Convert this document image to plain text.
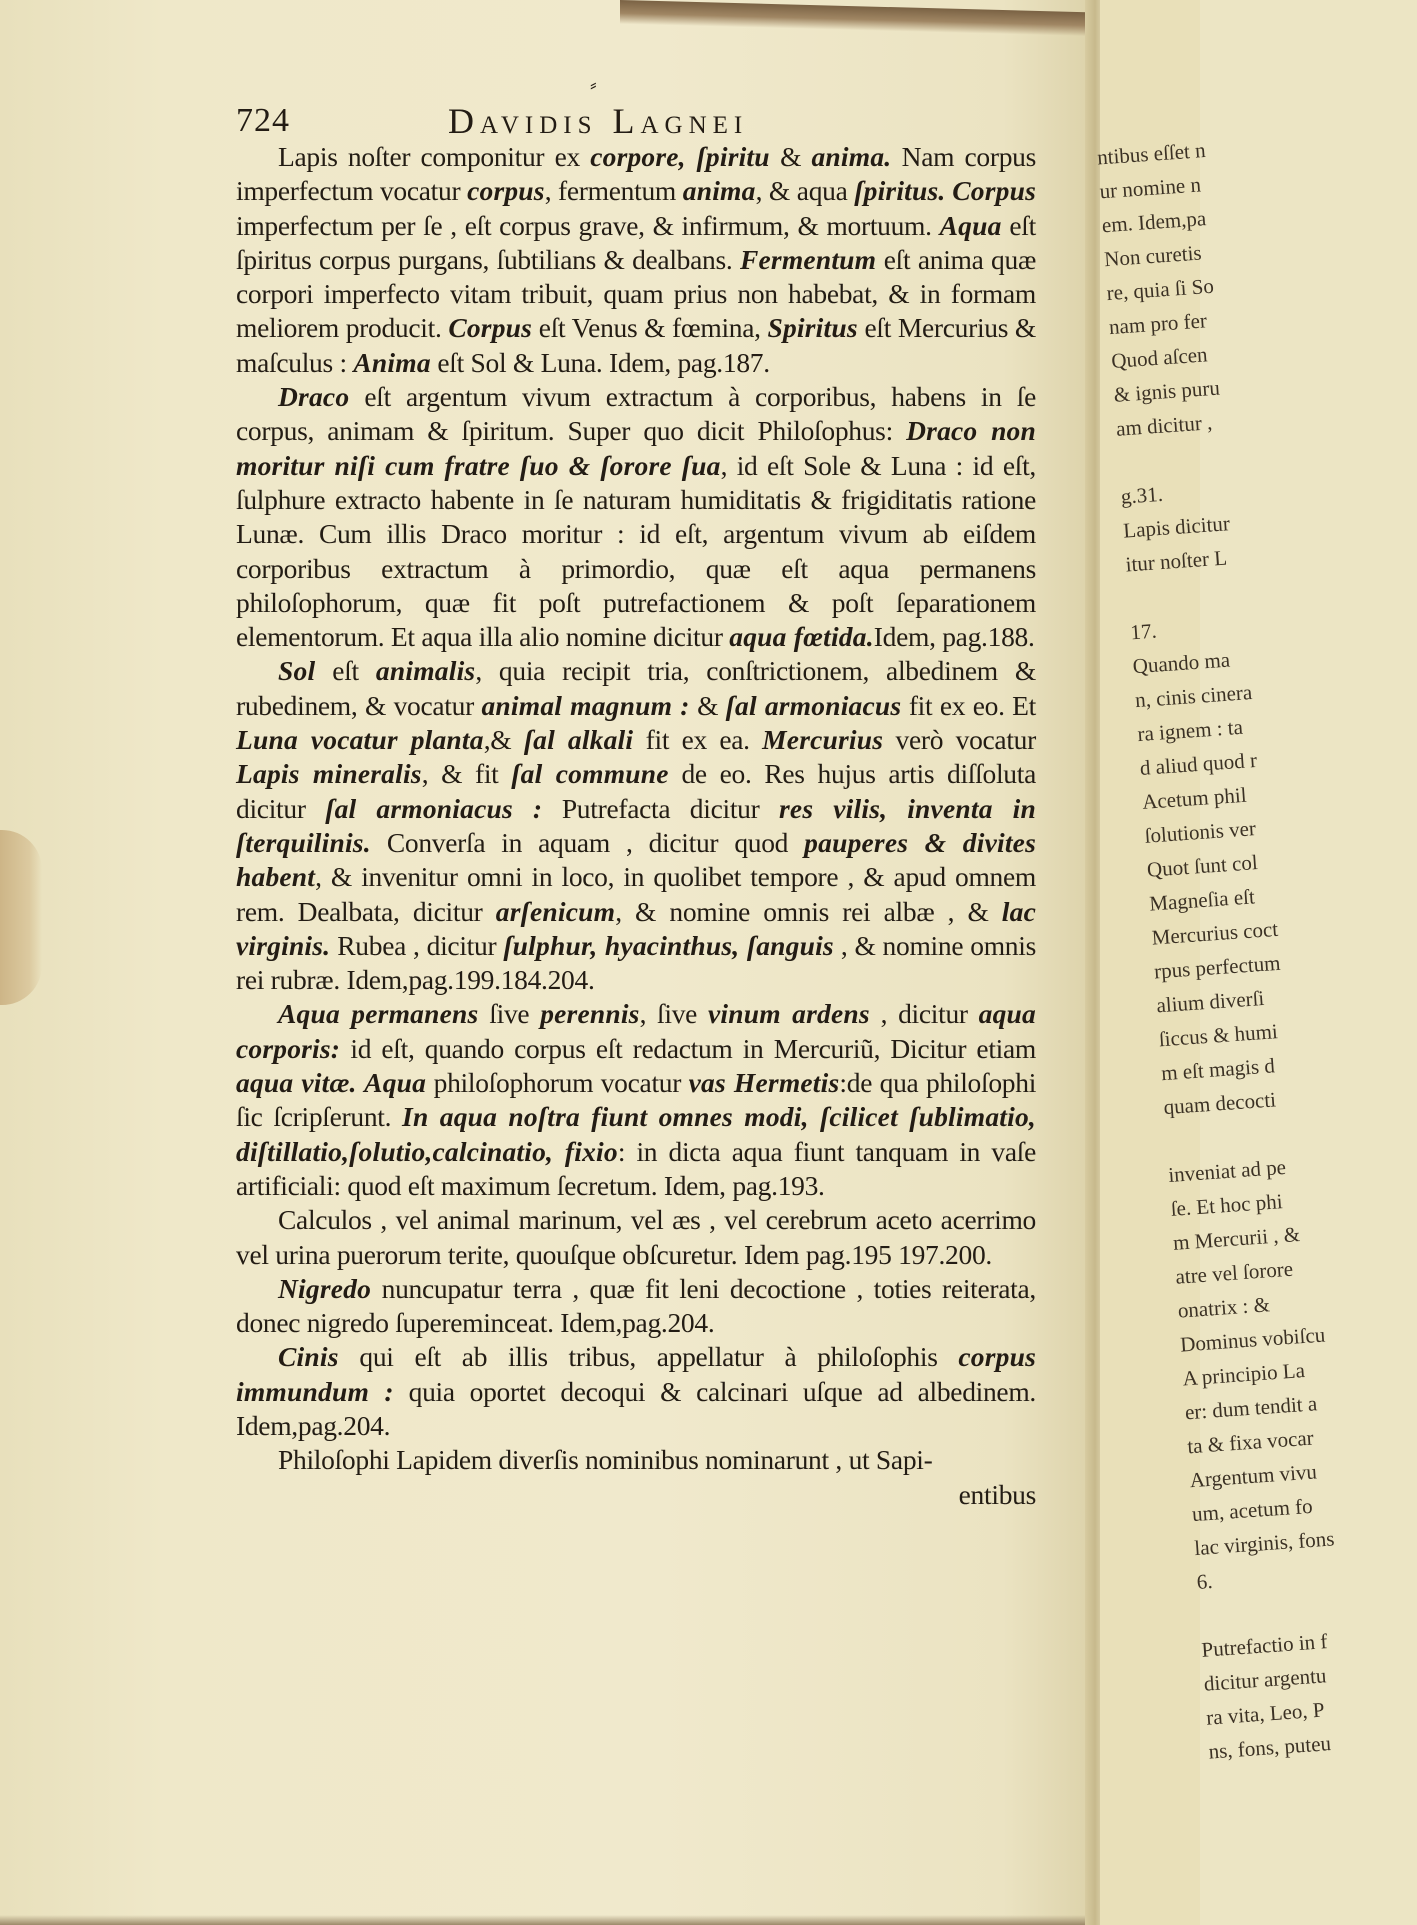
ntibus eſſet n
ur nomine n
em. Idem,pa
Non curetis
re, quia ſi So
nam pro fer
Quod aſcen
& ignis puru
am dicitur ,

g.31.
Lapis dicitur
itur noſter L

17.
Quando ma
n, cinis cinera
ra ignem : ta
d aliud quod r
Acetum phil
ſolutionis ver
Quot ſunt col
Magneſia eſt
Mercurius coct
rpus perfectum
alium diverſi
ſiccus & humi
m eſt magis d
quam decocti

inveniat ad pe
ſe. Et hoc phi
m Mercurii , &
atre vel ſorore
onatrix : &
Dominus vobiſcu
A principio La
er: dum tendit a
ta & fixa vocar
Argentum vivu
um, acetum fo
lac virginis, fons
6.

Putrefactio in f
dicitur argentu
ra vita, Leo, P
ns, fons, puteu
724	Davidis Lagnei
⸗

Lapis noſter componitur ex corpore, ſpiritu & anima. Nam corpus imperfectum vocatur corpus, fermentum anima, & aqua ſpiritus. Corpus imperfectum per ſe , eſt corpus grave, & infirmum, & mortuum. Aqua eſt ſpiritus corpus purgans, ſubtilians & dealbans. Fermentum eſt anima quæ corpori imperfecto vitam tribuit, quam prius non habebat, & in formam meliorem producit. Corpus eſt Venus & fœmina, Spiritus eſt Mercurius & maſculus : Anima eſt Sol & Luna. Idem, pag.187.

Draco eſt argentum vivum extractum à corporibus, habens in ſe corpus, animam & ſpiritum. Super quo dicit Philoſophus: Draco non moritur niſi cum fratre ſuo & ſorore ſua, id eſt Sole & Luna : id eſt, ſulphure extracto habente in ſe naturam humiditatis & frigiditatis ratione Lunæ. Cum illis Draco moritur : id eſt, argentum vivum ab eiſdem corporibus extractum à primordio, quæ eſt aqua permanens philoſophorum, quæ fit poſt putrefactionem & poſt ſeparationem elementorum. Et aqua illa alio nomine dicitur aqua fœtida.Idem, pag.188.

Sol eſt animalis, quia recipit tria, conſtrictionem, albedinem & rubedinem, & vocatur animal magnum : & ſal armoniacus fit ex eo. Et Luna vocatur planta,& ſal alkali fit ex ea. Mercurius verò vocatur Lapis mineralis, & fit ſal commune de eo. Res hujus artis diſſoluta dicitur ſal armoniacus : Putrefacta dicitur res vilis, inventa in ſterquilinis. Converſa in aquam , dicitur quod pauperes & divites habent, & invenitur omni in loco, in quolibet tempore , & apud omnem rem. Dealbata, dicitur arſenicum, & nomine omnis rei albæ , & lac virginis. Rubea , dicitur ſulphur, hyacinthus, ſanguis , & nomine omnis rei rubræ. Idem,pag.199.184.204.

Aqua permanens ſive perennis, ſive vinum ardens , dicitur aqua corporis: id eſt, quando corpus eſt redactum in Mercuriũ, Dicitur etiam aqua vitæ. Aqua philoſophorum vocatur vas Hermetis:de qua philoſophi ſic ſcripſerunt. In aqua noſtra fiunt omnes modi, ſcilicet ſublimatio, diſtillatio,ſolutio,calcinatio, fixio: in dicta aqua fiunt tanquam in vaſe artificiali: quod eſt maximum ſecretum. Idem, pag.193.

Calculos , vel animal marinum, vel æs , vel cerebrum aceto acerrimo vel urina puerorum terite, quouſque obſcuretur. Idem pag.195 197.200.

Nigredo nuncupatur terra , quæ fit leni decoctione , toties reiterata, donec nigredo ſupereminceat. Idem,pag.204.

Cinis qui eſt ab illis tribus, appellatur à philoſophis corpus immundum : quia oportet decoqui & calcinari uſque ad albedinem. Idem,pag.204.

Philoſophi Lapidem diverſis nominibus nominarunt , ut Sapi-

entibus
